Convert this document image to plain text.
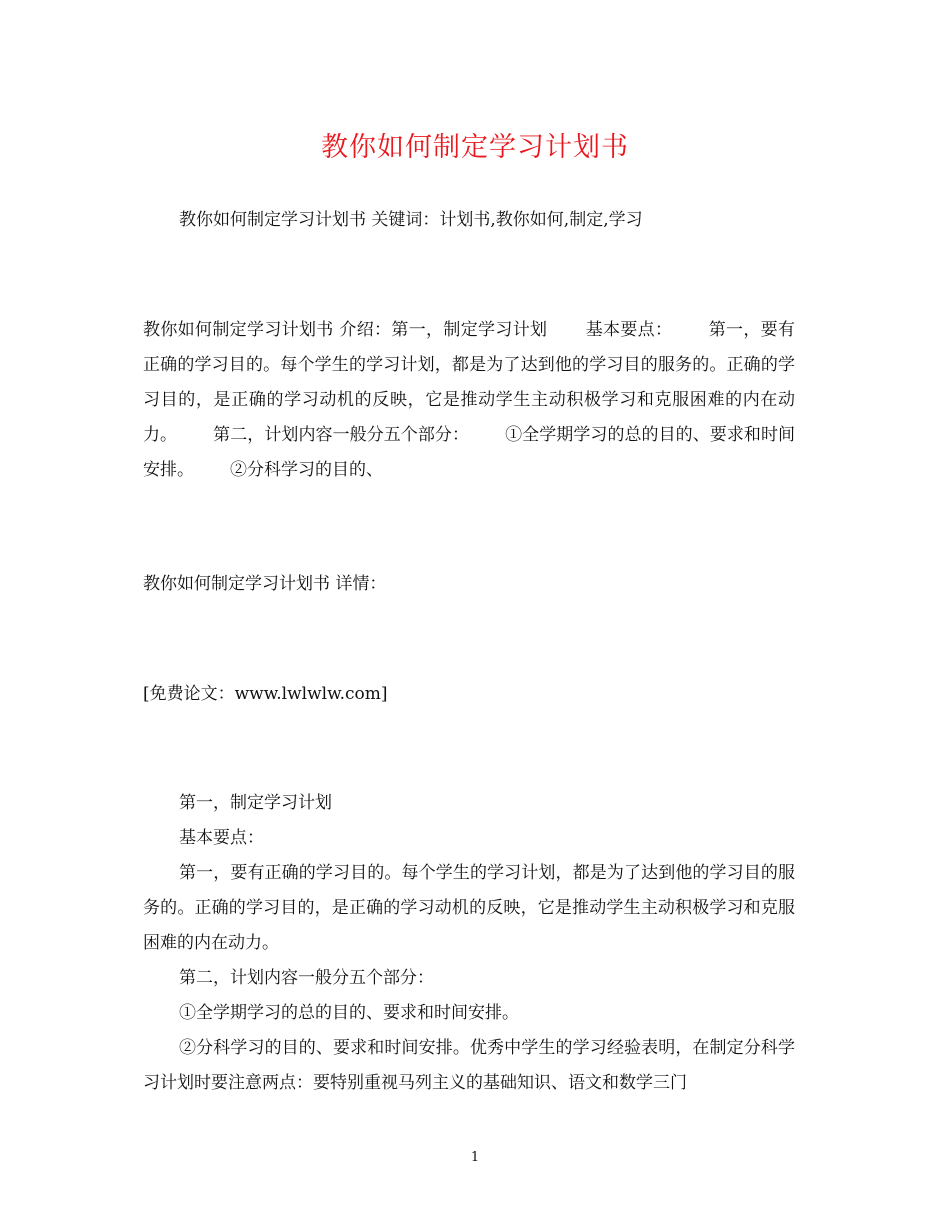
教你如何制定学习计划书

教你如何制定学习计划书 关键词：计划书,教你如何,制定,学习

教你如何制定学习计划书 介绍：第一，制定学习计划 基本要点： 第一，要有正确的学习目的。每个学生的学习计划，都是为了达到他的学习目的服务的。正确的学习目的，是正确的学习动机的反映，它是推动学生主动积极学习和克服困难的内在动力。 第二，计划内容一般分五个部分： ①全学期学习的总的目的、要求和时间安排。 ②分科学习的目的、

教你如何制定学习计划书 详情：

[免费论文：www.lwlwlw.com]

第一，制定学习计划

基本要点：

第一，要有正确的学习目的。每个学生的学习计划，都是为了达到他的学习目的服务的。正确的学习目的，是正确的学习动机的反映，它是推动学生主动积极学习和克服困难的内在动力。

第二，计划内容一般分五个部分：

①全学期学习的总的目的、要求和时间安排。

②分科学习的目的、要求和时间安排。优秀中学生的学习经验表明，在制定分科学习计划时要注意两点：要特别重视马列主义的基础知识、语文和数学三门

1
